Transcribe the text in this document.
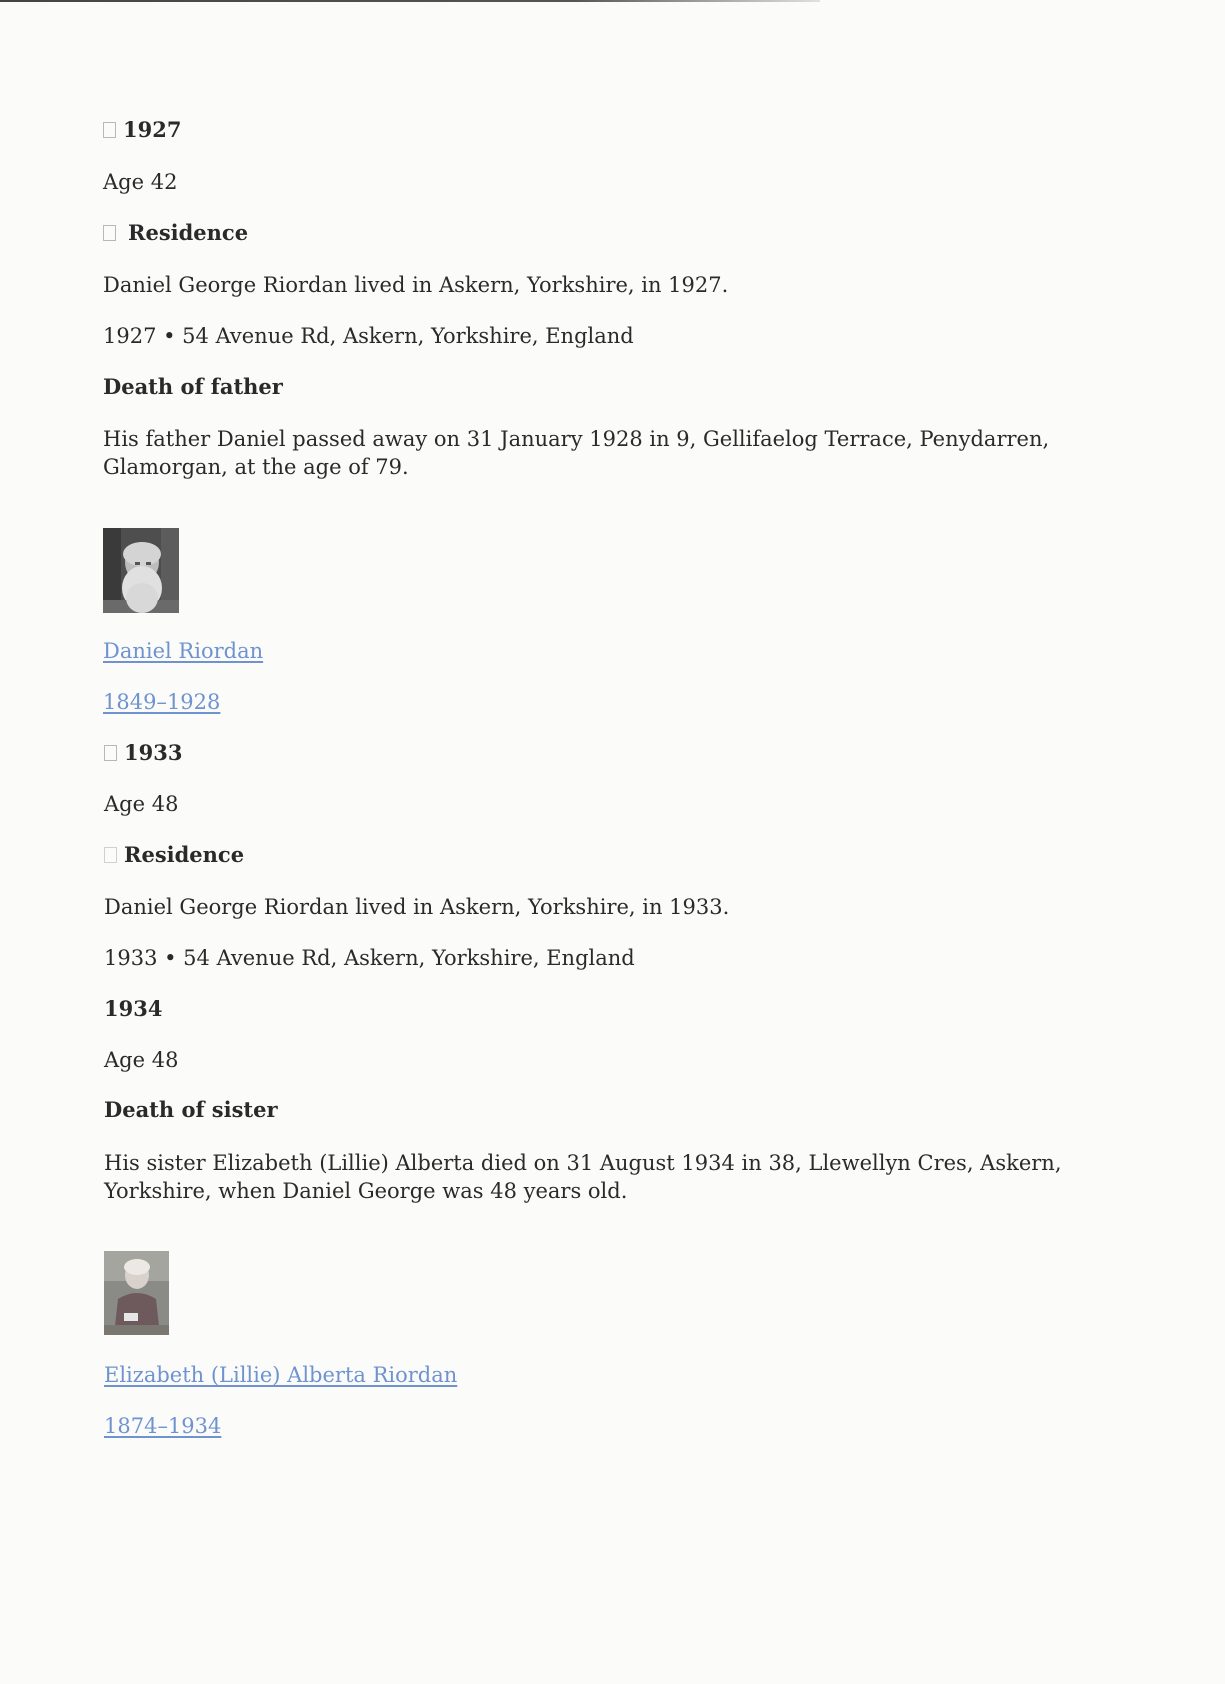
1927
Age 42
Residence
Daniel George Riordan lived in Askern, Yorkshire, in 1927.
1927 • 54 Avenue Rd, Askern, Yorkshire, England
Death of father
His father Daniel passed away on 31 January 1928 in 9, Gellifaelog Terrace, Penydarren, Glamorgan, at the age of 79.
Daniel Riordan
1849–1928
1933
Age 48
Residence
Daniel George Riordan lived in Askern, Yorkshire, in 1933.
1933 • 54 Avenue Rd, Askern, Yorkshire, England
1934
Age 48
Death of sister
His sister Elizabeth (Lillie) Alberta died on 31 August 1934 in 38, Llewellyn Cres, Askern, Yorkshire, when Daniel George was 48 years old.
Elizabeth (Lillie) Alberta Riordan
1874–1934
